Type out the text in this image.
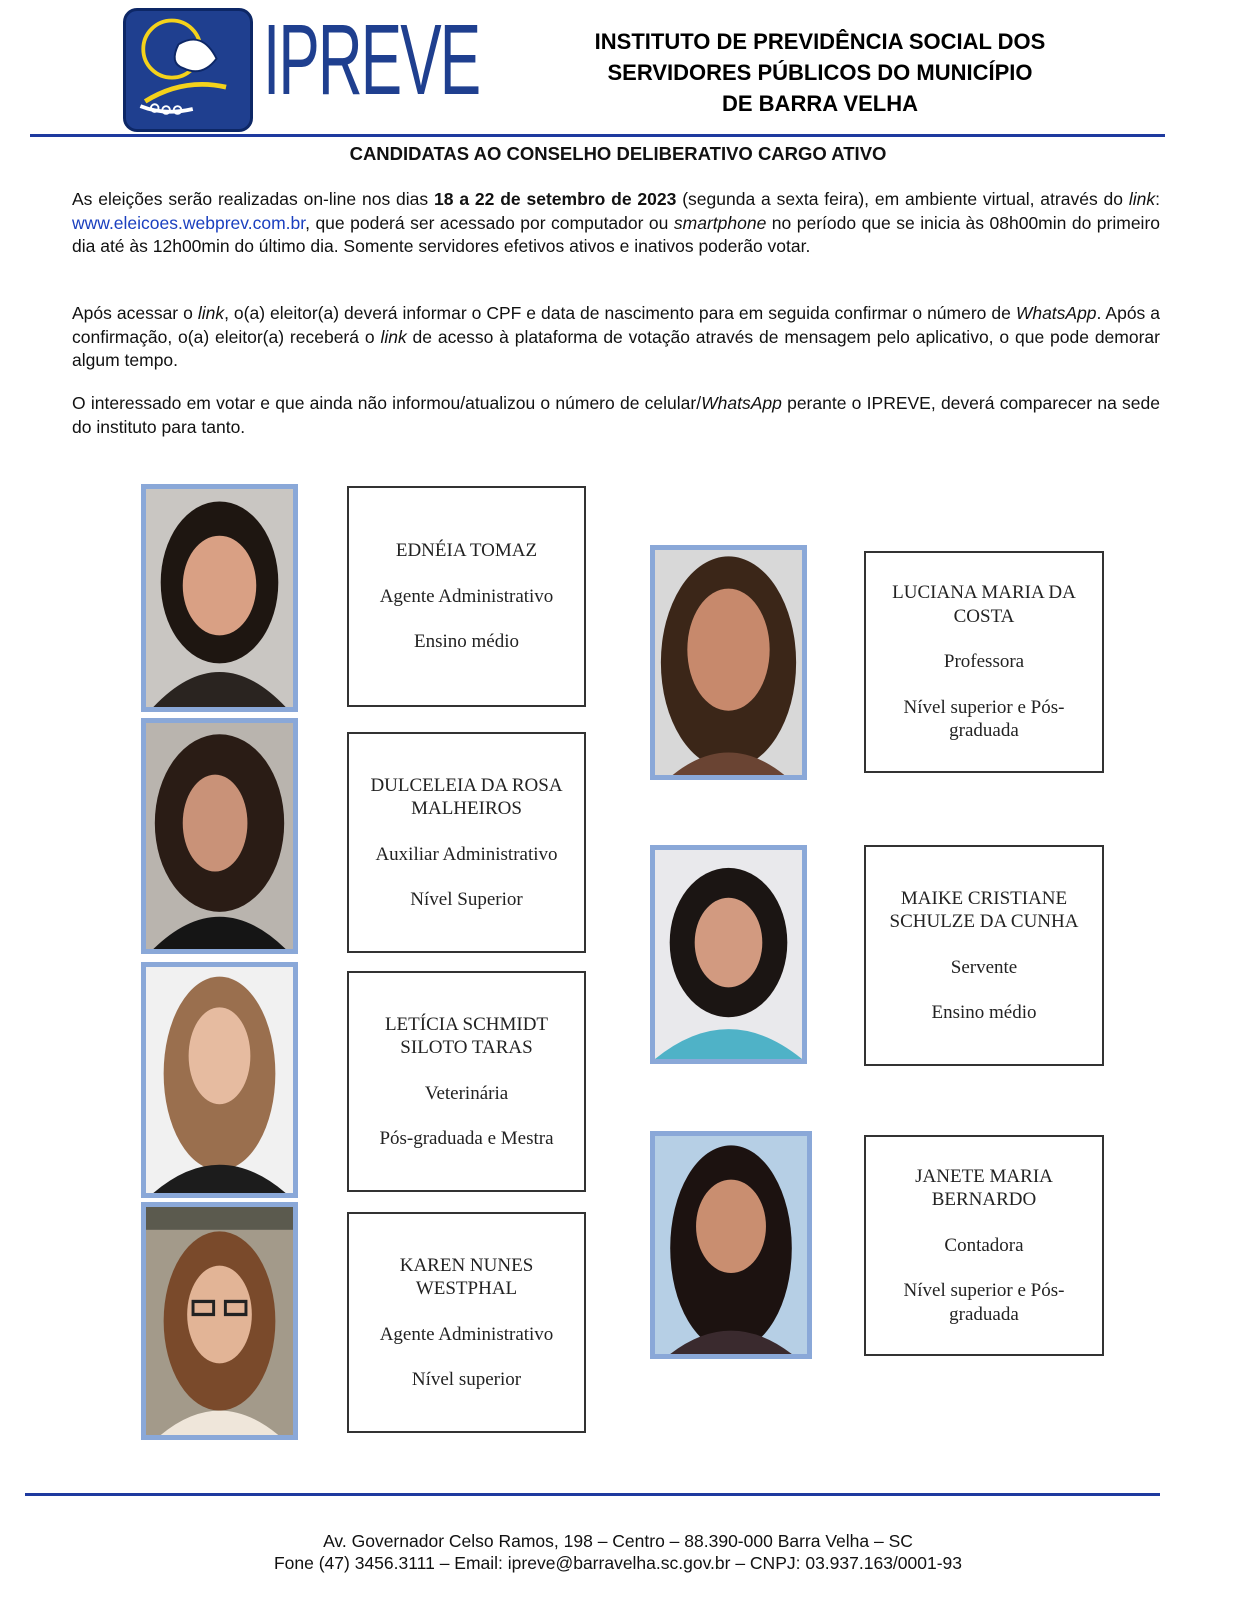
IPREVE	INSTITUTO DE PREVIDÊNCIA SOCIAL DOS
SERVIDORES PÚBLICOS DO MUNICÍPIO
DE BARRA VELHA
CANDIDATAS AO CONSELHO DELIBERATIVO CARGO ATIVO
As eleições serão realizadas on-line nos dias 18 a 22 de setembro de 2023 (segunda a sexta feira), em ambiente virtual, através do link: www.eleicoes.webprev.com.br, que poderá ser acessado por computador ou smartphone no período que se inicia às 08h00min do primeiro dia até às 12h00min do último dia. Somente servidores efetivos ativos e inativos poderão votar.
Após acessar o link, o(a) eleitor(a) deverá informar o CPF e data de nascimento para em seguida confirmar o número de WhatsApp. Após a confirmação, o(a) eleitor(a) receberá o link de acesso à plataforma de votação através de mensagem pelo aplicativo, o que pode demorar algum tempo.
O interessado em votar e que ainda não informou/atualizou o número de celular/WhatsApp perante o IPREVE, deverá comparecer na sede do instituto para tanto.
EDNÉIA TOMAZ
Agente Administrativo
Ensino médio
DULCELEIA DA ROSA MALHEIROS
Auxiliar Administrativo
Nível Superior
LETÍCIA SCHMIDT SILOTO TARAS
Veterinária
Pós-graduada e Mestra
KAREN NUNES WESTPHAL
Agente Administrativo
Nível superior
LUCIANA MARIA DA COSTA
Professora
Nível superior e Pós-graduada
MAIKE CRISTIANE SCHULZE DA CUNHA
Servente
Ensino médio
JANETE MARIA BERNARDO
Contadora
Nível superior e Pós-graduada
Av. Governador Celso Ramos, 198 – Centro – 88.390-000 Barra Velha – SC
Fone (47) 3456.3111 – Email: ipreve@barravelha.sc.gov.br – CNPJ: 03.937.163/0001-93
